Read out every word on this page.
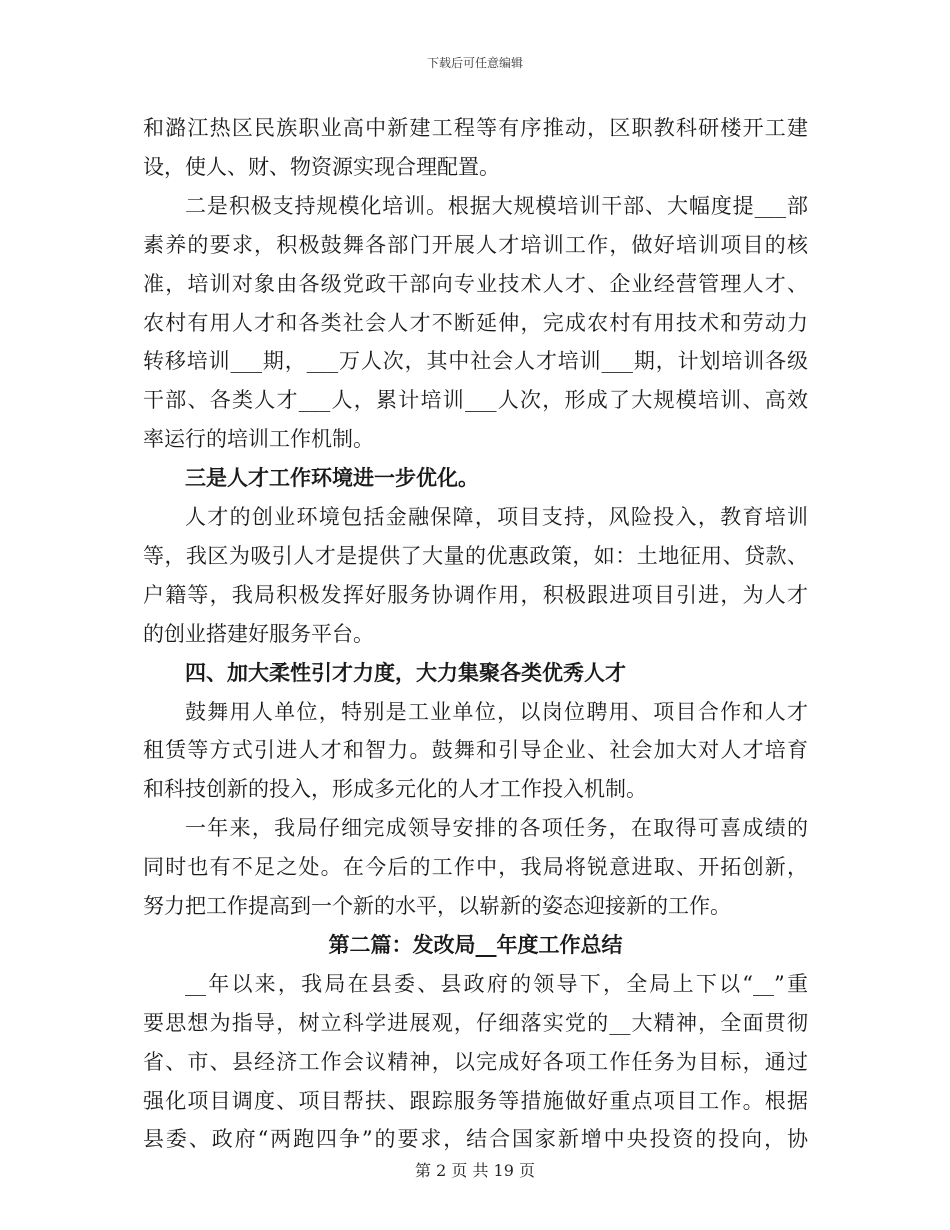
下载后可任意编辑
和潞江热区民族职业高中新建工程等有序推动，区职教科研楼开工建
设，使人、财、物资源实现合理配置。
二是积极支持规模化培训。根据大规模培训干部、大幅度提___部
素养的要求，积极鼓舞各部门开展人才培训工作，做好培训项目的核
准，培训对象由各级党政干部向专业技术人才、企业经营管理人才、
农村有用人才和各类社会人才不断延伸，完成农村有用技术和劳动力
转移培训___期，___万人次，其中社会人才培训___期，计划培训各级
干部、各类人才___人，累计培训___人次，形成了大规模培训、高效
率运行的培训工作机制。
三是人才工作环境进一步优化。
人才的创业环境包括金融保障，项目支持，风险投入，教育培训
等，我区为吸引人才是提供了大量的优惠政策，如：土地征用、贷款、
户籍等，我局积极发挥好服务协调作用，积极跟进项目引进，为人才
的创业搭建好服务平台。
四、加大柔性引才力度，大力集聚各类优秀人才
鼓舞用人单位，特别是工业单位，以岗位聘用、项目合作和人才
租赁等方式引进人才和智力。鼓舞和引导企业、社会加大对人才培育
和科技创新的投入，形成多元化的人才工作投入机制。
一年来，我局仔细完成领导安排的各项任务，在取得可喜成绩的
同时也有不足之处。在今后的工作中，我局将锐意进取、开拓创新，
努力把工作提高到一个新的水平，以崭新的姿态迎接新的工作。
第二篇：发改局__年度工作总结
__年以来，我局在县委、县政府的领导下，全局上下以“__”重
要思想为指导，树立科学进展观，仔细落实党的__大精神，全面贯彻
省、市、县经济工作会议精神，以完成好各项工作任务为目标，通过
强化项目调度、项目帮扶、跟踪服务等措施做好重点项目工作。根据
县委、政府“两跑四争”的要求，结合国家新增中央投资的投向，协
第 2 页 共 19 页
